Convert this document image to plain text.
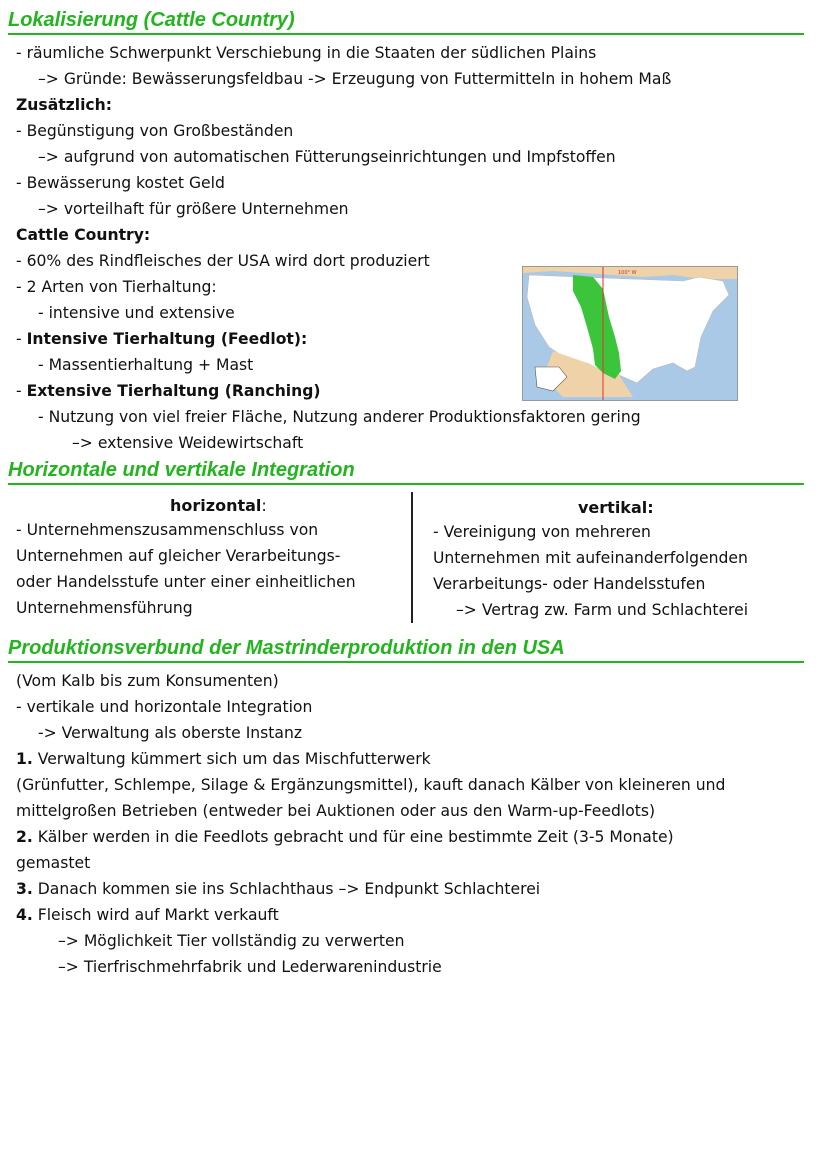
Lokalisierung (Cattle Country)
- räumliche Schwerpunkt Verschiebung in die Staaten der südlichen Plains
–> Gründe: Bewässerungsfeldbau -> Erzeugung von Futtermitteln in hohem Maß
Zusätzlich:
- Begünstigung von Großbeständen
–> aufgrund von automatischen Fütterungseinrichtungen und Impfstoffen
- Bewässerung kostet Geld
–> vorteilhaft für größere Unternehmen
Cattle Country:
- 60% des Rindfleisches der USA wird dort produziert
- 2 Arten von Tierhaltung:
- intensive und extensive
- Intensive Tierhaltung (Feedlot):
- Massentierhaltung + Mast
- Extensive Tierhaltung (Ranching)
- Nutzung von viel freier Fläche, Nutzung anderer Produktionsfaktoren gering
–> extensive Weidewirtschaft
100° W
Horizontale und vertikale Integration
horizontal:
- Unternehmenszusammenschluss von
Unternehmen auf gleicher Verarbeitungs-
oder Handelsstufe unter einer einheitlichen
Unternehmensführung
vertikal:
- Vereinigung von mehreren
Unternehmen mit aufeinanderfolgenden
Verarbeitungs- oder Handelsstufen
–> Vertrag zw. Farm und Schlachterei
Produktionsverbund der Mastrinderproduktion in den USA
(Vom Kalb bis zum Konsumenten)
- vertikale und horizontale Integration
-> Verwaltung als oberste Instanz
1. Verwaltung kümmert sich um das Mischfutterwerk
(Grünfutter, Schlempe, Silage & Ergänzungsmittel), kauft danach Kälber von kleineren und
mittelgroßen Betrieben (entweder bei Auktionen oder aus den Warm-up-Feedlots)
2. Kälber werden in die Feedlots gebracht und für eine bestimmte Zeit (3-5 Monate)
gemastet
3. Danach kommen sie ins Schlachthaus –> Endpunkt Schlachterei
4. Fleisch wird auf Markt verkauft
–> Möglichkeit Tier vollständig zu verwerten
–> Tierfrischmehrfabrik und Lederwarenindustrie
